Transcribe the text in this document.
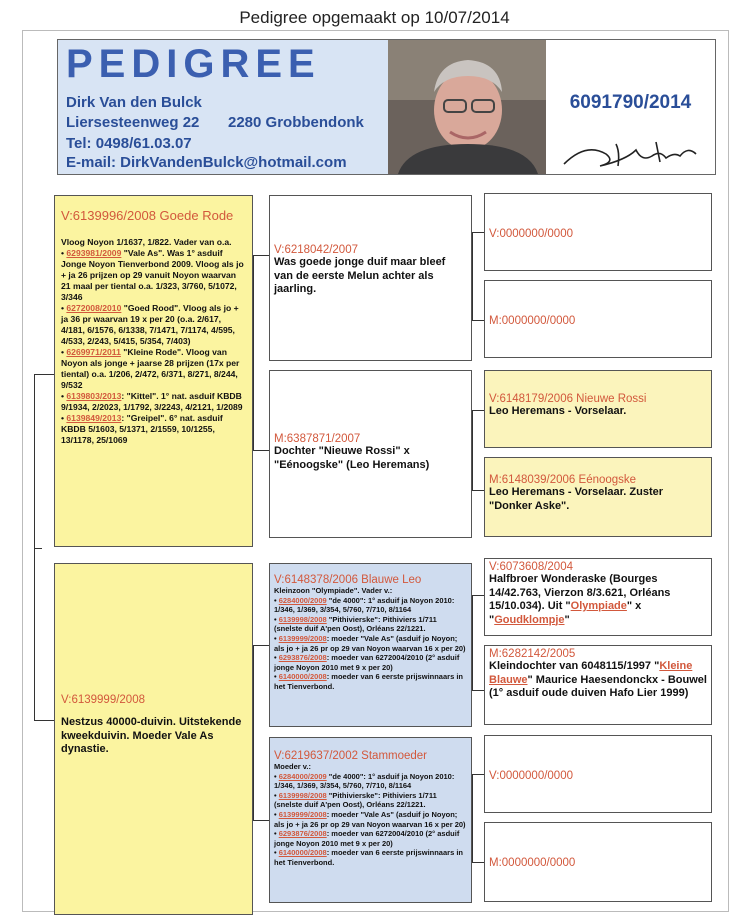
Pedigree opgemaakt op 10/07/2014
PEDIGREE
Dirk Van den Bulck
Liersesteenweg 22 2280 Grobbendonk
Tel: 0498/61.03.07
E-mail: DirkVandenBulck@hotmail.com
6091790/2014
V:6139996/2008 Goede Rode
Vloog Noyon 1/1637, 1/822. Vader van o.a.
• 6293981/2009 "Vale As". Was 1° asduif Jonge Noyon Tienverbond 2009. Vloog als jo + ja 26 prijzen op 29 vanuit Noyon waarvan 21 maal per tiental o.a. 1/323, 3/760, 5/1072, 3/346
• 6272008/2010 "Goed Rood". Vloog als jo + ja 36 pr waarvan 19 x per 20 (o.a. 2/617, 4/181, 6/1576, 6/1338, 7/1471, 7/1174, 4/595, 4/533, 2/243, 5/415, 5/354, 7/403)
• 6269971/2011 "Kleine Rode". Vloog van Noyon als jonge + jaarse 28 prijzen (17x per tiental) o.a. 1/206, 2/472, 6/371, 8/271, 8/244, 9/532
• 6139803/2013: "Kittel". 1° nat. asduif KBDB 9/1934, 2/2023, 1/1792, 3/2243, 4/2121, 1/2089
• 6139849/2013: "Greipel". 6° nat. asduif KBDB 5/1603, 5/1371, 2/1559, 10/1255, 13/1178, 25/1069
V:6139999/2008
Nestzus 40000-duivin. Uitstekende kweekduivin. Moeder Vale As dynastie.
V:6218042/2007
Was goede jonge duif maar bleef van de eerste Melun achter als jaarling.
M:6387871/2007
Dochter "Nieuwe Rossi" x "Eénoogske" (Leo Heremans)
V:6148378/2006 Blauwe Leo
Kleinzoon "Olympiade". Vader v.:
• 6284000/2009 "de 4000": 1° asduif ja Noyon 2010: 1/346, 1/369, 3/354, 5/760, 7/710, 8/1164
• 6139998/2008 "Pithivierske": Pithiviers 1/711 (snelste duif A'pen Oost), Orléans 22/1221.
• 6139999/2008: moeder "Vale As" (asduif jo Noyon; als jo + ja 26 pr op 29 van Noyon waarvan 16 x per 20)
• 6293876/2008: moeder van 6272004/2010 (2° asduif jonge Noyon 2010 met 9 x per 20)
• 6140000/2008: moeder van 6 eerste prijswinnaars in het Tienverbond.
V:6219637/2002 Stammoeder
Moeder v.:
• 6284000/2009 "de 4000": 1° asduif ja Noyon 2010: 1/346, 1/369, 3/354, 5/760, 7/710, 8/1164
• 6139998/2008 "Pithivierske": Pithiviers 1/711 (snelste duif A'pen Oost), Orléans 22/1221.
• 6139999/2008: moeder "Vale As" (asduif jo Noyon; als jo + ja 26 pr op 29 van Noyon waarvan 16 x per 20)
• 6293876/2008: moeder van 6272004/2010 (2° asduif jonge Noyon 2010 met 9 x per 20)
• 6140000/2008: moeder van 6 eerste prijswinnaars in het Tienverbond.
V:0000000/0000
M:0000000/0000
V:6148179/2006 Nieuwe Rossi
Leo Heremans - Vorselaar.
M:6148039/2006 Eénoogske
Leo Heremans - Vorselaar. Zuster "Donker Aske".
V:6073608/2004
Halfbroer Wonderaske (Bourges 14/42.763, Vierzon 8/3.621, Orléans 15/10.034). Uit "Olympiade" x "Goudklompje"
M:6282142/2005
Kleindochter van 6048115/1997 "Kleine Blauwe" Maurice Haesendonckx - Bouwel (1° asduif oude duiven Hafo Lier 1999)
V:0000000/0000
M:0000000/0000
